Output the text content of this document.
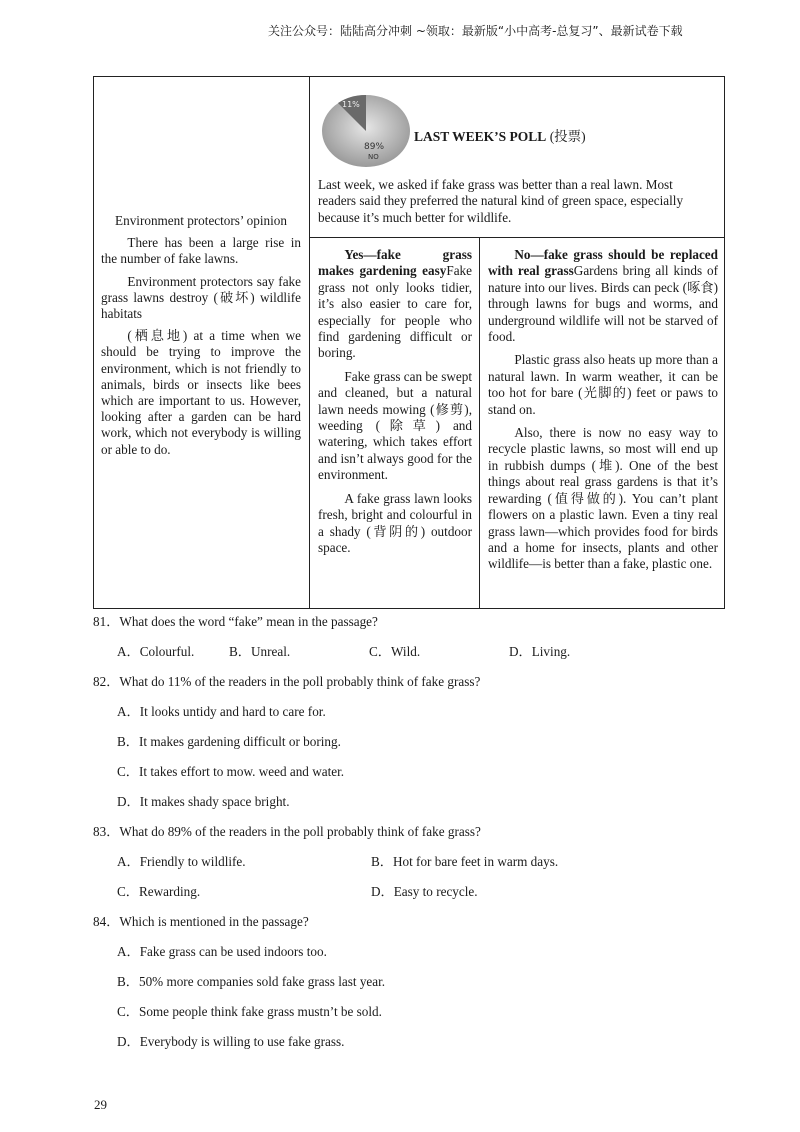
关注公众号：陆陆高分冲刺 ~领取：最新版“小中高考-总复习”、最新试卷下载
Environment protectors’ opinion

There has been a large rise in the number of fake lawns.

Environment protectors say fake grass lawns destroy (破坏) wildlife habitats

(栖息地) at a time when we should be trying to improve the environment, which is not friendly to animals, birds or insects like bees which are important to us. However, looking after a garden can be hard work, which not everybody is willing or able to do.

11%
89%
NO
LAST WEEK’S POLL (投票)
Last week, we asked if fake grass was better than a real lawn. Most readers said they preferred the natural kind of green space, especially because it’s much better for wildlife.

Yes—fake grass makes gardening easyFake grass not only looks tidier, it’s also easier to care for, especially for people who find gardening difficult or boring.

Fake grass can be swept and cleaned, but a natural lawn needs mowing (修剪), weeding (除草) and watering, which takes effort and isn’t always good for the environment.

A fake grass lawn looks fresh, bright and colourful in a shady (背阴的) outdoor space.

No—fake grass should be replaced with real grassGardens bring all kinds of nature into our lives. Birds can peck (啄食) through lawns for bugs and worms, and underground wildlife will not be starved of food.

Plastic grass also heats up more than a natural lawn. In warm weather, it can be too hot for bare (光脚的) feet or paws to stand on.

Also, there is now no easy way to recycle plastic lawns, so most will end up in rubbish dumps (堆). One of the best things about real grass gardens is that it’s rewarding (值得做的). You can’t plant flowers on a plastic lawn. Even a tiny real grass lawn—which provides food for birds and a home for insects, plants and other wildlife—is better than a fake, plastic one.

81．What does the word “fake” mean in the passage?
A．Colourful.	B．Unreal.	C．Wild.	D．Living.
82．What do 11% of the readers in the poll probably think of fake grass?
A．It looks untidy and hard to care for.
B．It makes gardening difficult or boring.
C．It takes effort to mow. weed and water.
D．It makes shady space bright.
83．What do 89% of the readers in the poll probably think of fake grass?
A．Friendly to wildlife.	B．Hot for bare feet in warm days.
C．Rewarding.	D．Easy to recycle.
84．Which is mentioned in the passage?
A．Fake grass can be used indoors too.
B．50% more companies sold fake grass last year.
C．Some people think fake grass mustn’t be sold.
D．Everybody is willing to use fake grass.
29
